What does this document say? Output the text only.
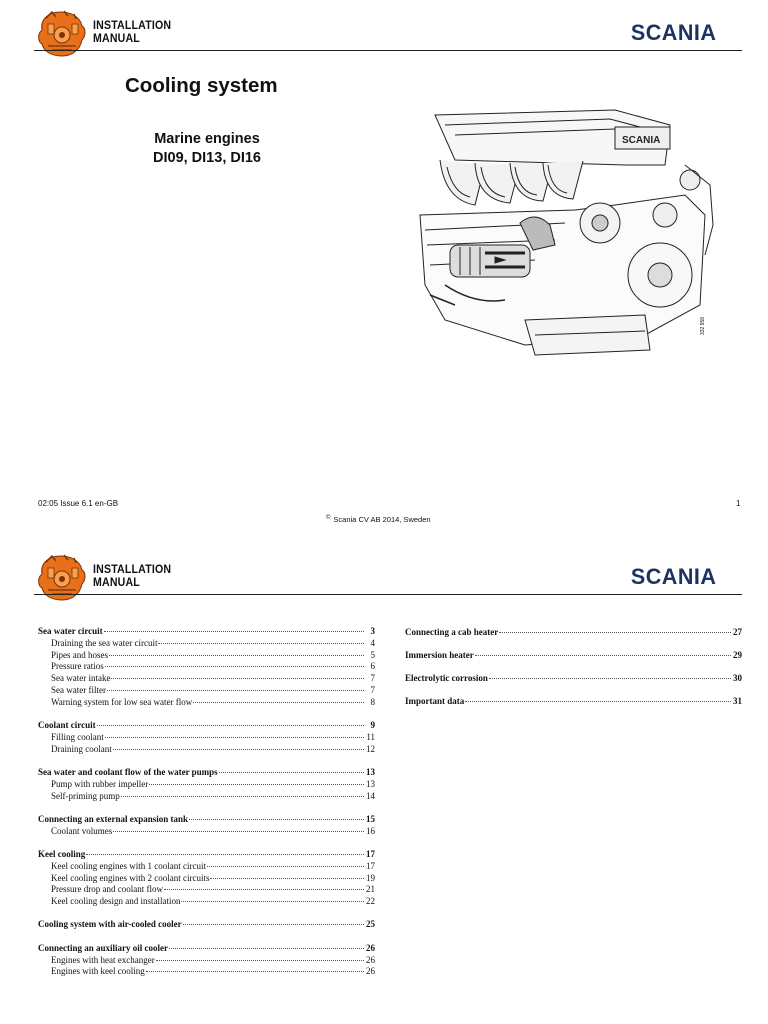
INSTALLATION
MANUAL	SCANIA
Cooling system
Marine engines
DI09, DI13, DI16
SCANIA
332 958
02:05 Issue 6.1 en-GB	1
© Scania CV AB 2014, Sweden
INSTALLATION
MANUAL	SCANIA
Sea water circuit	3
Draining the sea water circuit	4
Pipes and hoses	5
Pressure ratios	6
Sea water intake	7
Sea water filter	7
Warning system for low sea water flow	8
Coolant circuit	9
Filling coolant	11
Draining coolant	12
Sea water and coolant flow of the water pumps	13
Pump with rubber impeller	13
Self-priming pump	14
Connecting an external expansion tank	15
Coolant volumes	16
Keel cooling	17
Keel cooling engines with 1 coolant circuit	17
Keel cooling engines with 2 coolant circuits	19
Pressure drop and coolant flow	21
Keel cooling design and installation	22
Cooling system with air-cooled cooler	25
Connecting an auxiliary oil cooler	26
Engines with heat exchanger	26
Engines with keel cooling	26
Connecting a cab heater	27
Immersion heater	29
Electrolytic corrosion	30
Important data	31
